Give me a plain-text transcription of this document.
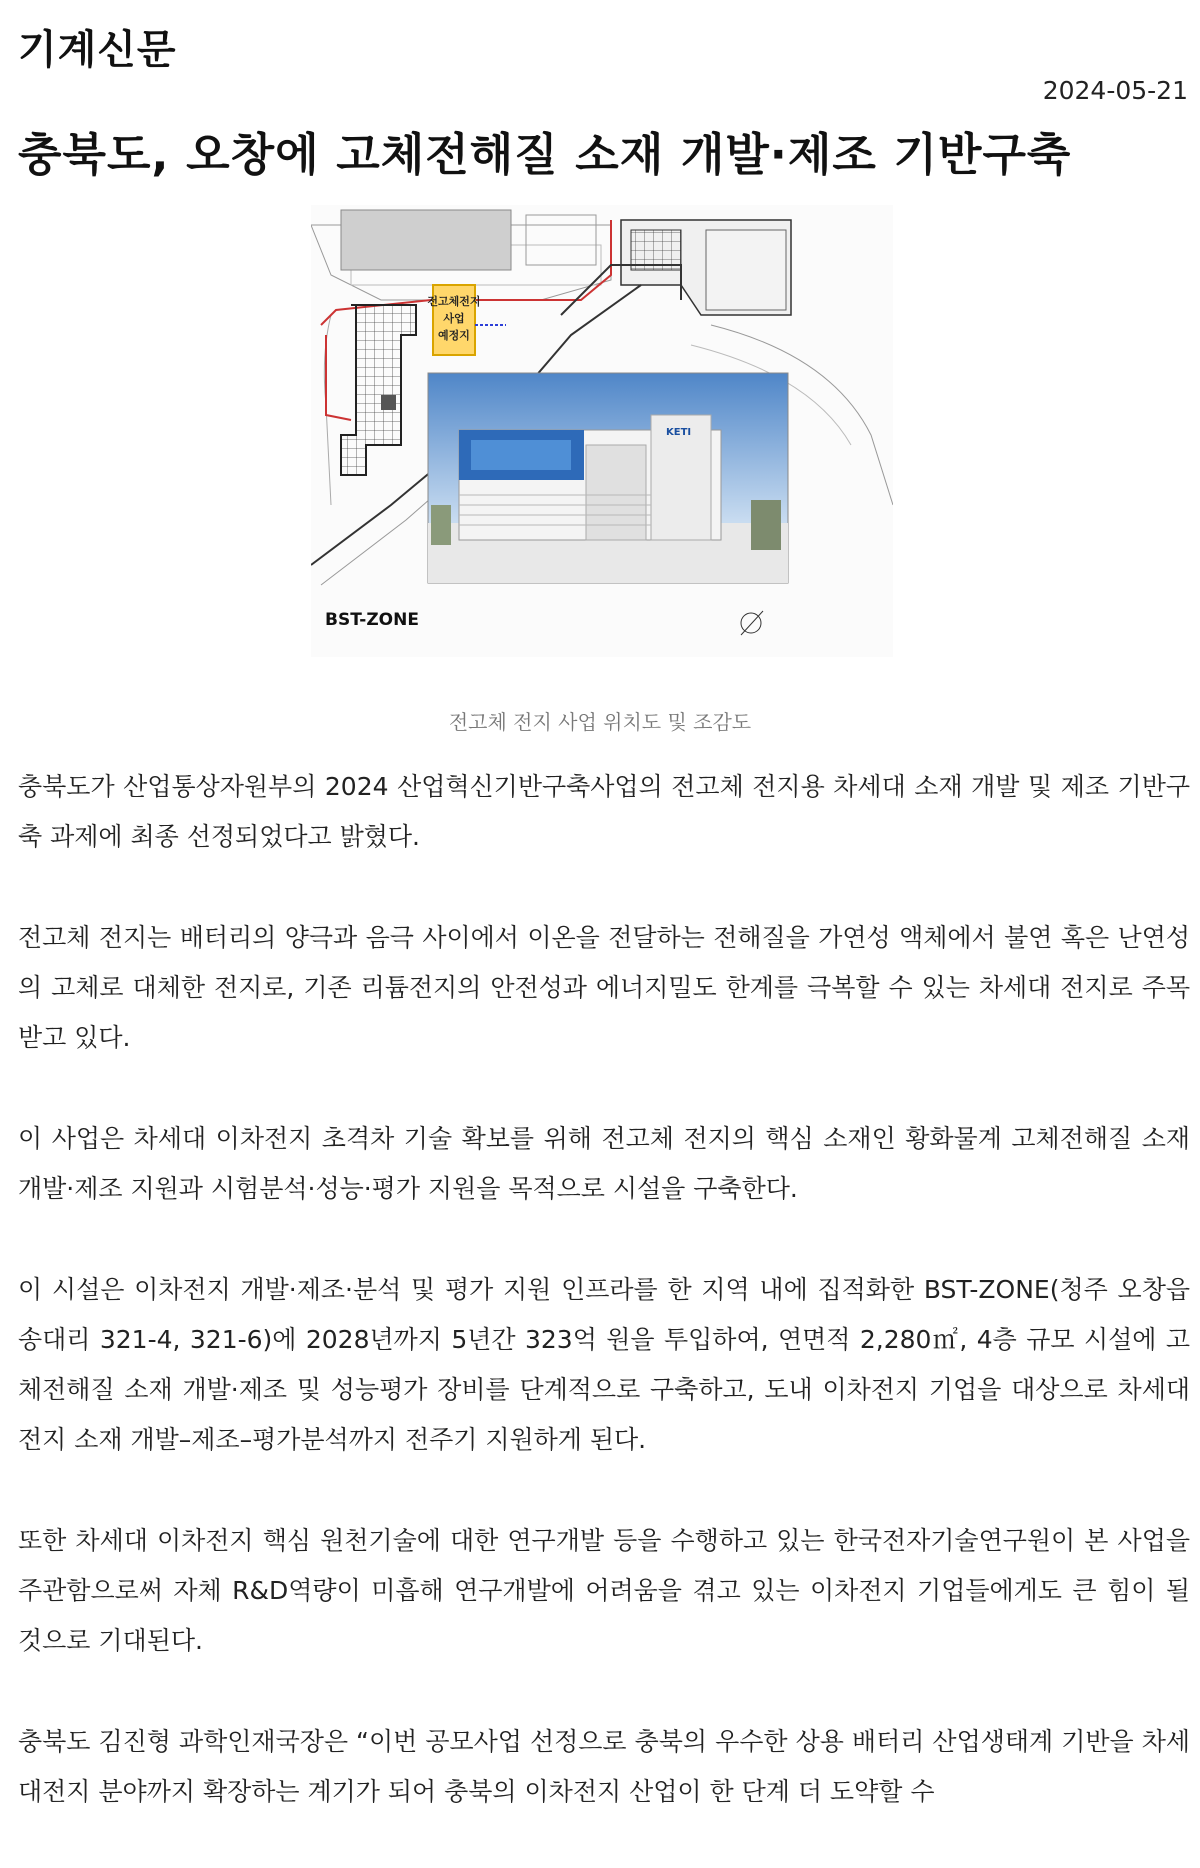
기계신문
2024-05-21
충북도, 오창에 고체전해질 소재 개발·제조 기반구축
전고체전지
사업
예정지
KETI
BST-ZONE
전고체 전지 사업 위치도 및 조감도

충북도가 산업통상자원부의 2024 산업혁신기반구축사업의 전고체 전지용 차세대 소재 개발 및 제조 기반구축 과제에 최종 선정되었다고 밝혔다.

전고체 전지는 배터리의 양극과 음극 사이에서 이온을 전달하는 전해질을 가연성 액체에서 불연 혹은 난연성의 고체로 대체한 전지로, 기존 리튬전지의 안전성과 에너지밀도 한계를 극복할 수 있는 차세대 전지로 주목받고 있다.

이 사업은 차세대 이차전지 초격차 기술 확보를 위해 전고체 전지의 핵심 소재인 황화물계 고체전해질 소재 개발·제조 지원과 시험분석·성능·평가 지원을 목적으로 시설을 구축한다.

이 시설은 이차전지 개발·제조·분석 및 평가 지원 인프라를 한 지역 내에 집적화한 BST-ZONE(청주 오창읍 송대리 321-4, 321-6)에 2028년까지 5년간 323억 원을 투입하여, 연면적 2,280㎡, 4층 규모 시설에 고체전해질 소재 개발·제조 및 성능평가 장비를 단계적으로 구축하고, 도내 이차전지 기업을 대상으로 차세대전지 소재 개발–제조–평가분석까지 전주기 지원하게 된다.

또한 차세대 이차전지 핵심 원천기술에 대한 연구개발 등을 수행하고 있는 한국전자기술연구원이 본 사업을 주관함으로써 자체 R&D역량이 미흡해 연구개발에 어려움을 겪고 있는 이차전지 기업들에게도 큰 힘이 될 것으로 기대된다.

충북도 김진형 과학인재국장은 “이번 공모사업 선정으로 충북의 우수한 상용 배터리 산업생태계 기반을 차세대전지 분야까지 확장하는 계기가 되어 충북의 이차전지 산업이 한 단계 더 도약할 수
